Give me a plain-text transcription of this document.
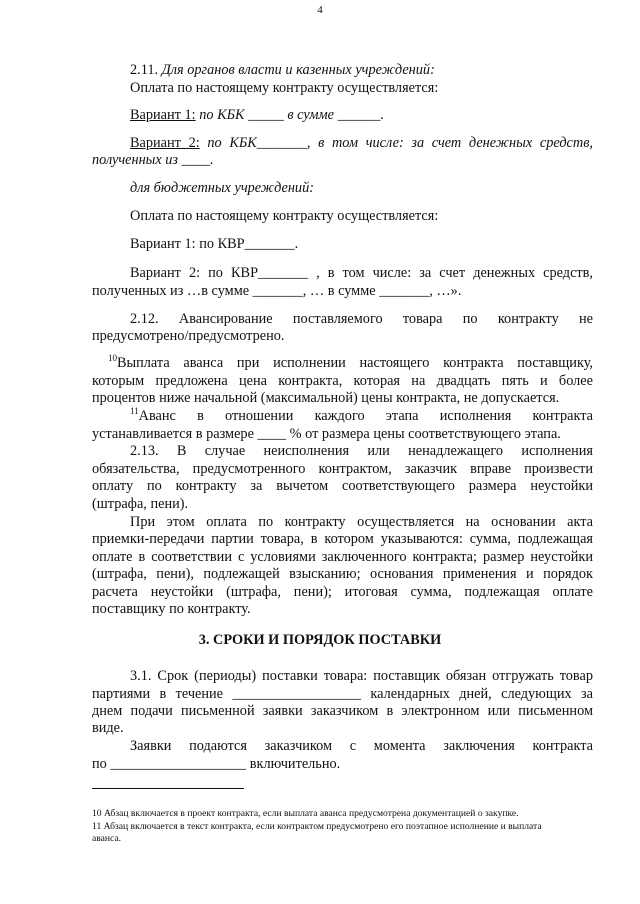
4
2.11. Для органов власти и казенных учреждений:
Оплата по настоящему контракту осуществляется:
Вариант 1: по КБК _____ в сумме ______.
Вариант 2: по КБК_______, в том числе: за счет денежных средств,
полученных из ____.
для бюджетных учреждений:
Оплата по настоящему контракту осуществляется:
Вариант 1: по КВР_______.
Вариант 2: по КВР_______ , в том числе: за счет денежных средств,
полученных из …в сумме _______, … в сумме _______, …».
2.12. Авансирование поставляемого товара по контракту не
предусмотрено/предусмотрено.
$^{10}$Выплата аванса при исполнении настоящего контракта поставщику,
которым предложена цена контракта, которая на двадцать пять и более
процентов ниже начальной (максимальной) цены контракта, не допускается.
$^{11}$Аванс в отношении каждого этапа исполнения контракта
устанавливается в размере ____ % от размера цены соответствующего этапа.
2.13. В случае неисполнения или ненадлежащего исполнения
обязательства, предусмотренного контрактом, заказчик вправе произвести
оплату по контракту за вычетом соответствующего размера неустойки
(штрафа, пени).
При этом оплата по контракту осуществляется на основании акта
приемки-передачи партии товара, в котором указываются: сумма, подлежащая
оплате в соответствии с условиями заключенного контракта; размер неустойки
(штрафа, пени), подлежащей взысканию; основания применения и порядок
расчета неустойки (штрафа, пени); итоговая сумма, подлежащая оплате
поставщику по контракту.
3. СРОКИ И ПОРЯДОК ПОСТАВКИ
3.1. Срок (периоды) поставки товара: поставщик обязан отгружать товар
партиями в течение __________________ календарных дней, следующих за
днем подачи письменной заявки заказчиком в электронном или письменном
виде.
Заявки подаются заказчиком с момента заключения контракта
по ___________________ включительно.
10 Абзац включается в проект контракта, если выплата аванса предусмотрена документацией о закупке.
11 Абзац включается в текст контракта, если контрактом предусмотрено его поэтапное исполнение и выплата
аванса.
